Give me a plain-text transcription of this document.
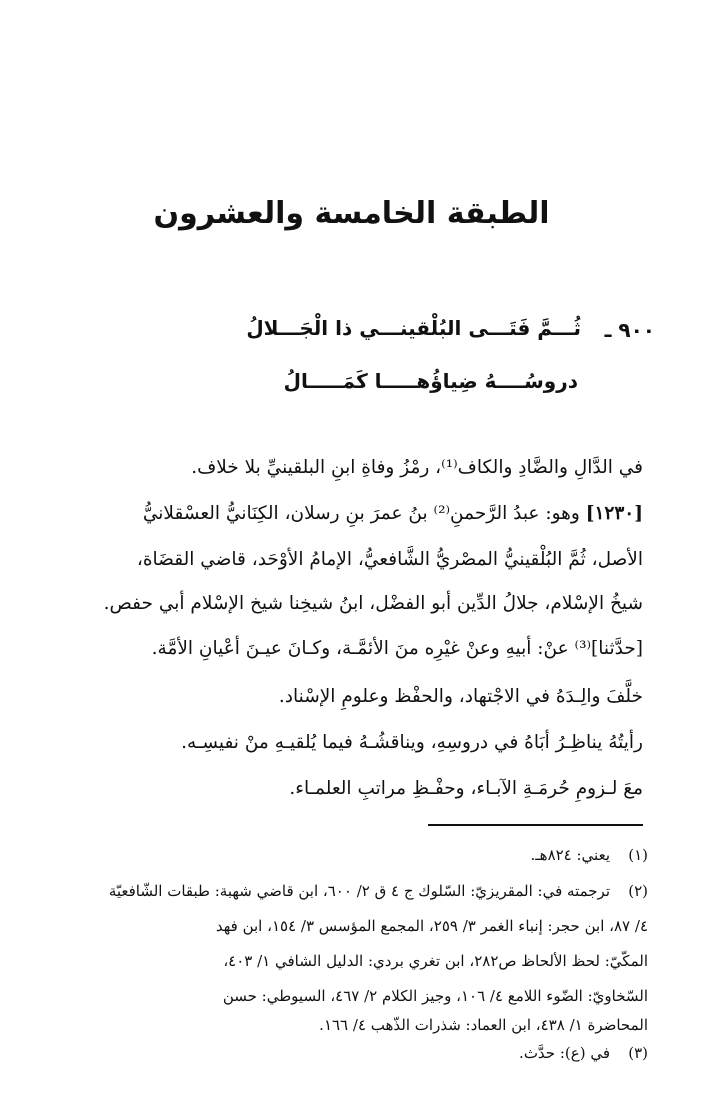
الطبقة الخامسة والعشرون
٩٠٠ ـ
ثُـــمَّ فَتَـــى البُلْقينـــي ذا الْجَـــلالُ
دروسُــــهُ ضِياؤُهـــــا كَمَـــــالُ
في الدَّالِ والضَّادِ والكاف⁽¹⁾، رمْزُ وفاةِ ابنِ البلقينيِّ بلا خلاف.
[١٢٣٠] وهو: عبدُ الرَّحمنِ⁽²⁾ بنُ عمرَ بنِ رسلان، الكِنَانيُّ العسْقلانيُّ
الأصل، ثُمَّ البُلْقينيُّ المصْريُّ الشَّافعيُّ، الإمامُ الأوْحَد، قاضي القضَاة،
شيخُ الإسْلام، جلالُ الدِّين أبو الفضْل، ابنُ شيخِنا شيخ الإسْلام أبي حفص.
[حدَّثنا]⁽³⁾ عنْ: أبيهِ وعنْ غيْرِه منَ الأئمَّـة، وكـانَ عيـنَ أعْيانِ الأمَّة.
خلَّفَ والِـدَهُ في الاجْتهاد، والحفْظ وعلومِ الإسْناد.
رأيتُهُ يناظِـرُ أبَاهُ في دروسِهِ، ويناقشُـهُ فيما يُلقيـهِ منْ نفيسِـه.
معَ لـزومِ حُرمَـةِ الآبـاء، وحفْـظِ مراتبِ العلمـاء.
(١)يعني: ٨٢٤هـ.
(٢)ترجمته في: المقريزيّ: السّلوك ج ٤ ق ٢/ ٦٠٠، ابن قاضي شهبة: طبقات الشّافعيّة
٤/ ٨٧، ابن حجر: إنباء الغمر ٣/ ٢٥٩، المجمع المؤسس ٣/ ١٥٤، ابن فهد
المكّيّ: لحظ الألحاظ ص٢٨٢، ابن تغري بردي: الدليل الشافي ١/ ٤٠٣،
السّخاويّ: الضّوء اللامع ٤/ ١٠٦، وجيز الكلام ٢/ ٤٦٧، السيوطي: حسن
المحاضرة ١/ ٤٣٨، ابن العماد: شذرات الذّهب ٤/ ١٦٦.
(٣)في (ع): حدَّث.
